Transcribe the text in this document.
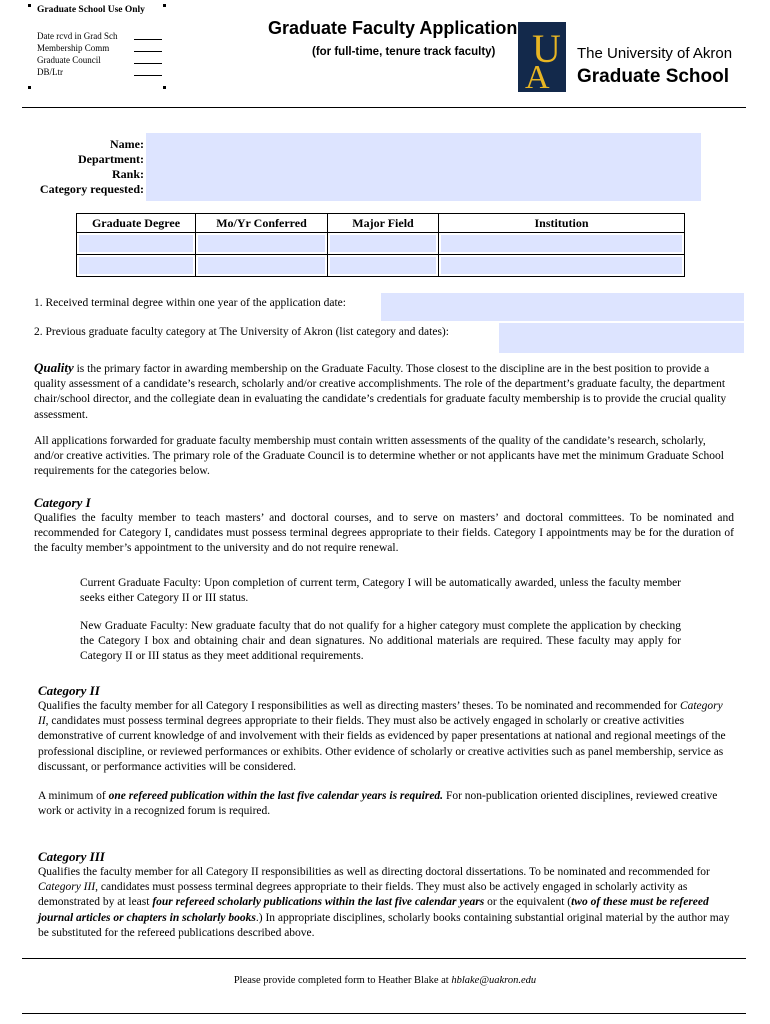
Graduate School Use Only
Date rcvd in Grad Sch
Membership Comm
Graduate Council
DB/Ltr
Graduate Faculty Application
(for full-time, tenure track faculty) U
A
The University of Akron
Graduate School
Name:
Department:
Rank:
Category requested:
Graduate Degree	Mo/Yr Conferred	Major Field	Institution

1. Received terminal degree within one year of the application date:
2. Previous graduate faculty category at The University of Akron (list category and dates):
Quality is the primary factor in awarding membership on the Graduate Faculty. Those closest to the discipline are in the best position to provide a quality assessment of a candidate’s research, scholarly and/or creative accomplishments. The role of the department’s graduate faculty, the department chair/school director, and the collegiate dean in evaluating the candidate’s credentials for graduate faculty membership is to provide the crucial quality assessment.
All applications forwarded for graduate faculty membership must contain written assessments of the quality of the candidate’s research, scholarly, and/or creative activities. The primary role of the Graduate Council is to determine whether or not applicants have met the minimum Graduate School requirements for the categories below.
Category I
Qualifies the faculty member to teach masters’ and doctoral courses, and to serve on masters’ and doctoral committees. To be nominated and recommended for Category I, candidates must possess terminal degrees appropriate to their fields. Category I appointments may be for the duration of the faculty member’s appointment to the university and do not require renewal.
Current Graduate Faculty: Upon completion of current term, Category I will be automatically awarded, unless the faculty member seeks either Category II or III status.
New Graduate Faculty: New graduate faculty that do not qualify for a higher category must complete the application by checking the Category I box and obtaining chair and dean signatures. No additional materials are required. These faculty may apply for Category II or III status as they meet additional requirements.
Category II
Qualifies the faculty member for all Category I responsibilities as well as directing masters’ theses. To be nominated and recommended for Category II, candidates must possess terminal degrees appropriate to their fields. They must also be actively engaged in scholarly or creative activities demonstrative of current knowledge of and involvement with their fields as evidenced by paper presentations at national and regional meetings of the professional discipline, or reviewed performances or exhibits. Other evidence of scholarly or creative activities such as panel membership, service as discussant, or performance activities will be considered.
A minimum of one refereed publication within the last five calendar years is required. For non-publication oriented disciplines, reviewed creative work or activity in a recognized forum is required.
Category III
Qualifies the faculty member for all Category II responsibilities as well as directing doctoral dissertations. To be nominated and recommended for Category III, candidates must possess terminal degrees appropriate to their fields. They must also be actively engaged in scholarly activity as demonstrated by at least four refereed scholarly publications within the last five calendar years or the equivalent (two of these must be refereed journal articles or chapters in scholarly books.) In appropriate disciplines, scholarly books containing substantial original material by the author may be substituted for the refereed publications described above.
Please provide completed form to Heather Blake at hblake@uakron.edu
